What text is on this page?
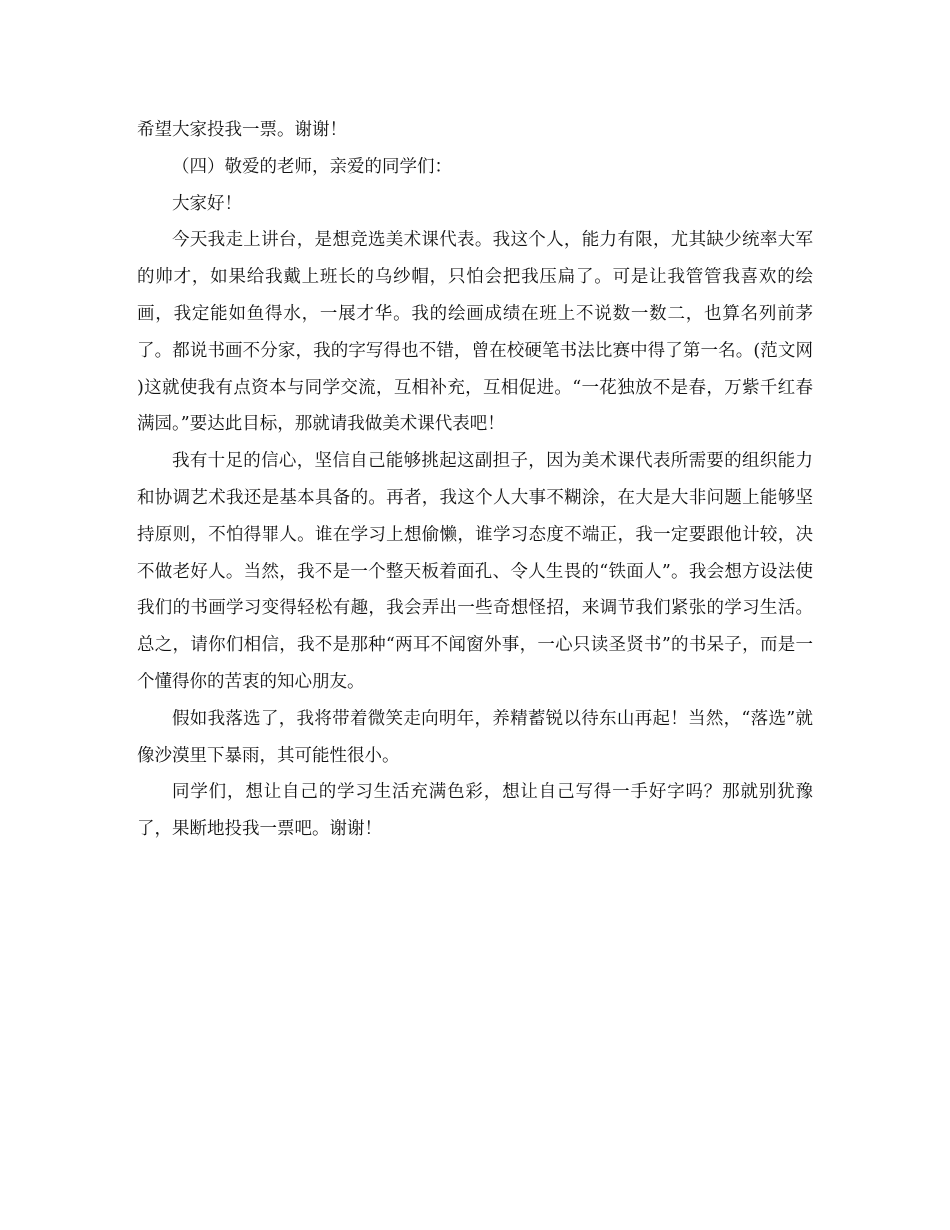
希望大家投我一票。谢谢！

（四）敬爱的老师，亲爱的同学们：

大家好！

今天我走上讲台，是想竞选美术课代表。我这个人，能力有限，尤其缺少统率大军的帅才，如果给我戴上班长的乌纱帽，只怕会把我压扁了。可是让我管管我喜欢的绘画，我定能如鱼得水，一展才华。我的绘画成绩在班上不说数一数二，也算名列前茅了。都说书画不分家，我的字写得也不错，曾在校硬笔书法比赛中得了第一名。(范文网 )这就使我有点资本与同学交流，互相补充，互相促进。“一花独放不是春，万紫千红春满园。”要达此目标，那就请我做美术课代表吧！

我有十足的信心，坚信自己能够挑起这副担子，因为美术课代表所需要的组织能力和协调艺术我还是基本具备的。再者，我这个人大事不糊涂，在大是大非问题上能够坚持原则，不怕得罪人。谁在学习上想偷懒，谁学习态度不端正，我一定要跟他计较，决不做老好人。当然，我不是一个整天板着面孔、令人生畏的“铁面人”。我会想方设法使我们的书画学习变得轻松有趣，我会弄出一些奇想怪招，来调节我们紧张的学习生活。总之，请你们相信，我不是那种“两耳不闻窗外事，一心只读圣贤书”的书呆子，而是一个懂得你的苦衷的知心朋友。

假如我落选了，我将带着微笑走向明年，养精蓄锐以待东山再起！当然，“落选”就像沙漠里下暴雨，其可能性很小。

同学们，想让自己的学习生活充满色彩，想让自己写得一手好字吗？那就别犹豫了，果断地投我一票吧。谢谢！
